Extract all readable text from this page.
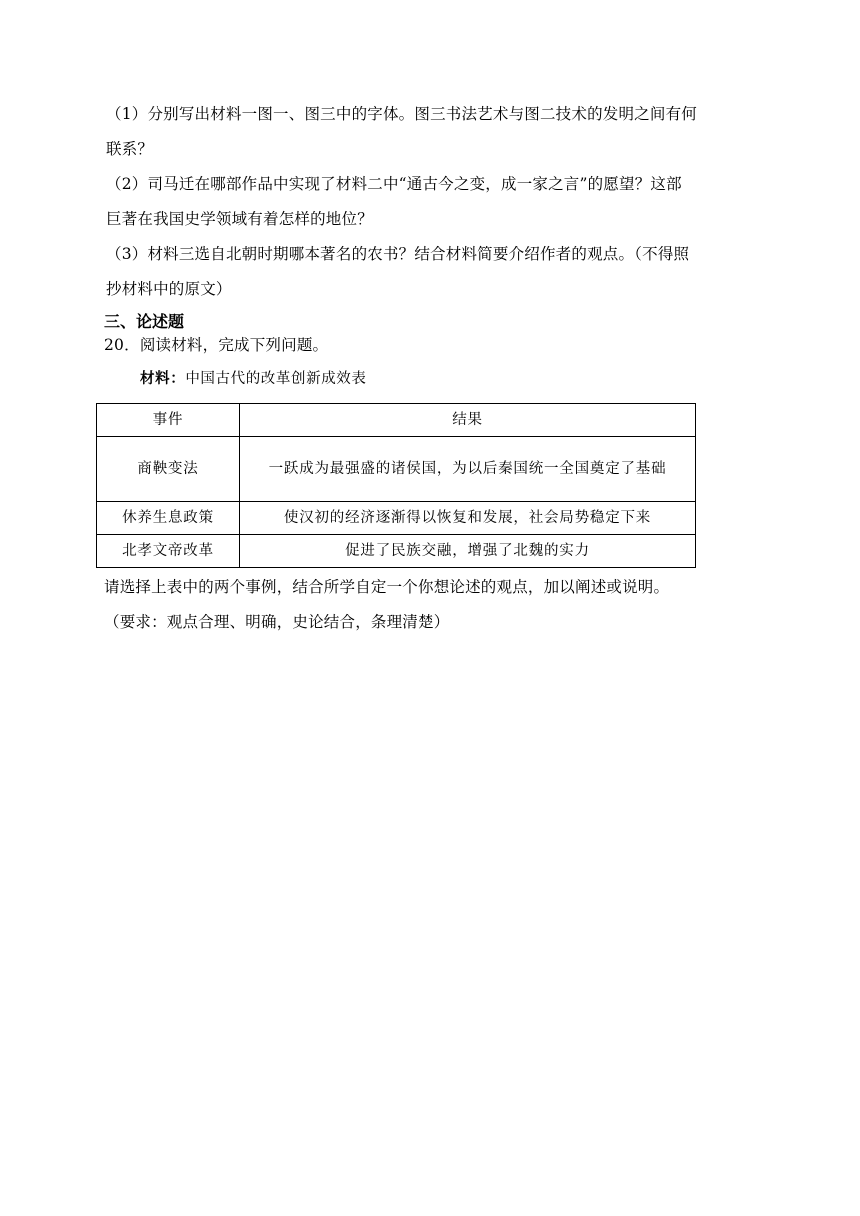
（1）分别写出材料一图一、图三中的字体。图三书法艺术与图二技术的发明之间有何
联系？
（2）司马迁在哪部作品中实现了材料二中“通古今之变，成一家之言”的愿望？这部
巨著在我国史学领域有着怎样的地位？
（3）材料三选自北朝时期哪本著名的农书？结合材料简要介绍作者的观点。（不得照
抄材料中的原文）
三、论述题
20．阅读材料，完成下列问题。
材料：中国古代的改革创新成效表
事件	结果
商鞅变法	一跃成为最强盛的诸侯国，为以后秦国统一全国奠定了基础
休养生息政策	使汉初的经济逐渐得以恢复和发展，社会局势稳定下来
北孝文帝改革	促进了民族交融，增强了北魏的实力
请选择上表中的两个事例，结合所学自定一个你想论述的观点，加以阐述或说明。
（要求：观点合理、明确，史论结合，条理清楚）
